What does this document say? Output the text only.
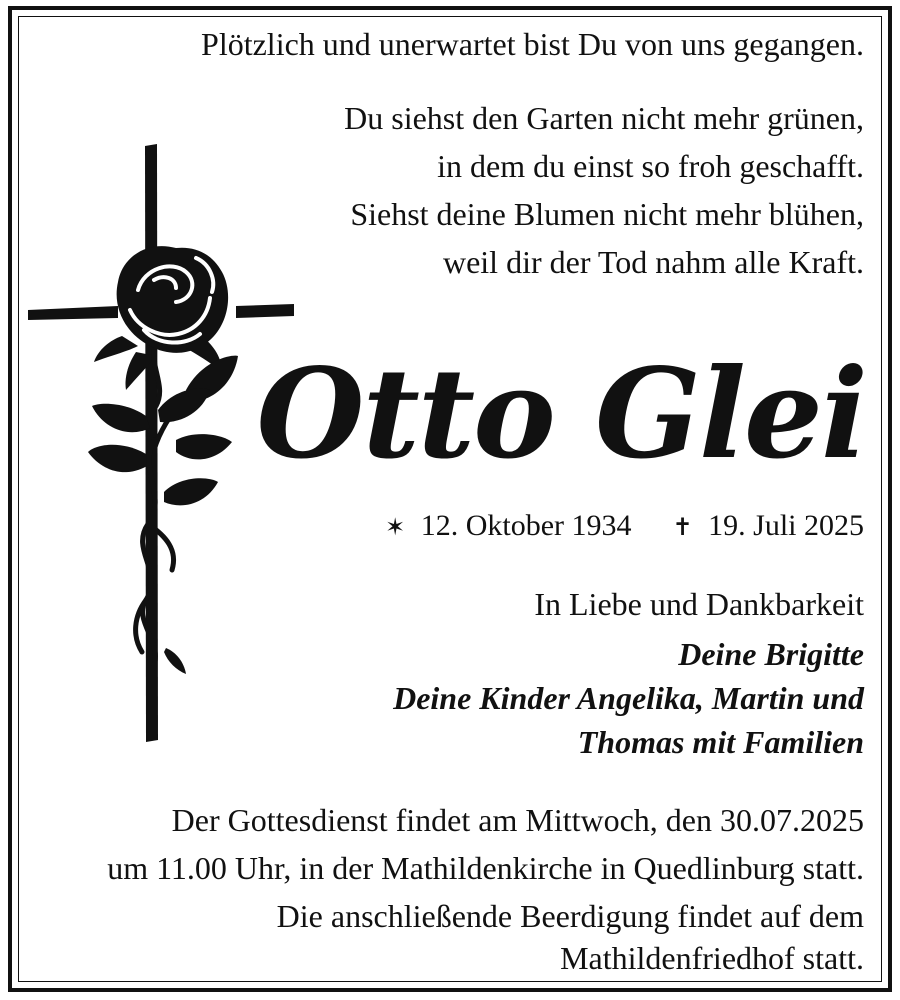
Plötzlich und unerwartet bist Du von uns gegangen.
Du siehst den Garten nicht mehr grünen,
in dem du einst so froh geschafft.
Siehst deine Blumen nicht mehr blühen,
weil dir der Tod nahm alle Kraft.
Otto Glei
✶ 12. Oktober 1934 ✝ 19. Juli 2025
In Liebe und Dankbarkeit
Deine Brigitte
Deine Kinder Angelika, Martin und
Thomas mit Familien
Der Gottesdienst findet am Mittwoch, den 30.07.2025
um 11.00 Uhr, in der Mathildenkirche in Quedlinburg statt.
Die anschließende Beerdigung findet auf dem
Mathildenfriedhof statt.
